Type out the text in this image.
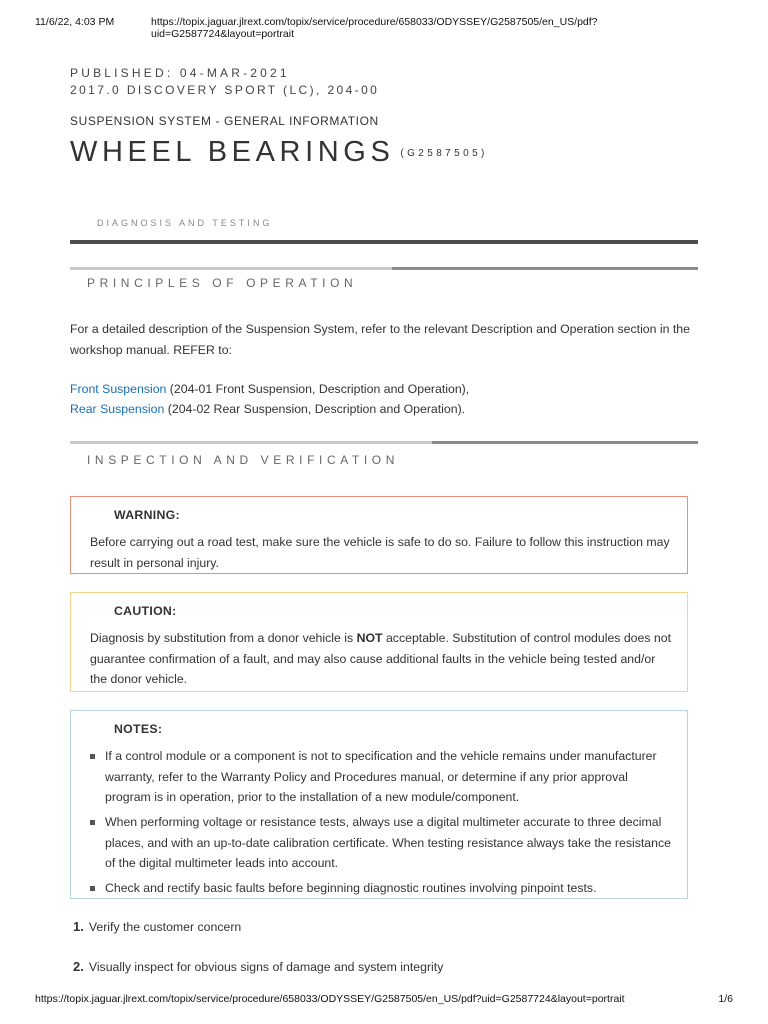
11/6/22, 4:03 PM	https://topix.jaguar.jlrext.com/topix/service/procedure/658033/ODYSSEY/G2587505/en_US/pdf?uid=G2587724&layout=portrait
PUBLISHED: 04-MAR-2021
2017.0 DISCOVERY SPORT (LC), 204-00
SUSPENSION SYSTEM - GENERAL INFORMATION
WHEEL BEARINGS (G2587505)
DIAGNOSIS AND TESTING
PRINCIPLES OF OPERATION
For a detailed description of the Suspension System, refer to the relevant Description and Operation section in the workshop manual. REFER to:
Front Suspension (204-01 Front Suspension, Description and Operation),
Rear Suspension (204-02 Rear Suspension, Description and Operation).
INSPECTION AND VERIFICATION
WARNING:
Before carrying out a road test, make sure the vehicle is safe to do so. Failure to follow this instruction may result in personal injury.
CAUTION:
Diagnosis by substitution from a donor vehicle is NOT acceptable. Substitution of control modules does not guarantee confirmation of a fault, and may also cause additional faults in the vehicle being tested and/or the donor vehicle.
NOTES:
If a control module or a component is not to specification and the vehicle remains under manufacturer warranty, refer to the Warranty Policy and Procedures manual, or determine if any prior approval program is in operation, prior to the installation of a new module/component.
When performing voltage or resistance tests, always use a digital multimeter accurate to three decimal places, and with an up-to-date calibration certificate. When testing resistance always take the resistance of the digital multimeter leads into account.
Check and rectify basic faults before beginning diagnostic routines involving pinpoint tests.
1. Verify the customer concern
2. Visually inspect for obvious signs of damage and system integrity
https://topix.jaguar.jlrext.com/topix/service/procedure/658033/ODYSSEY/G2587505/en_US/pdf?uid=G2587724&layout=portrait	1/6
